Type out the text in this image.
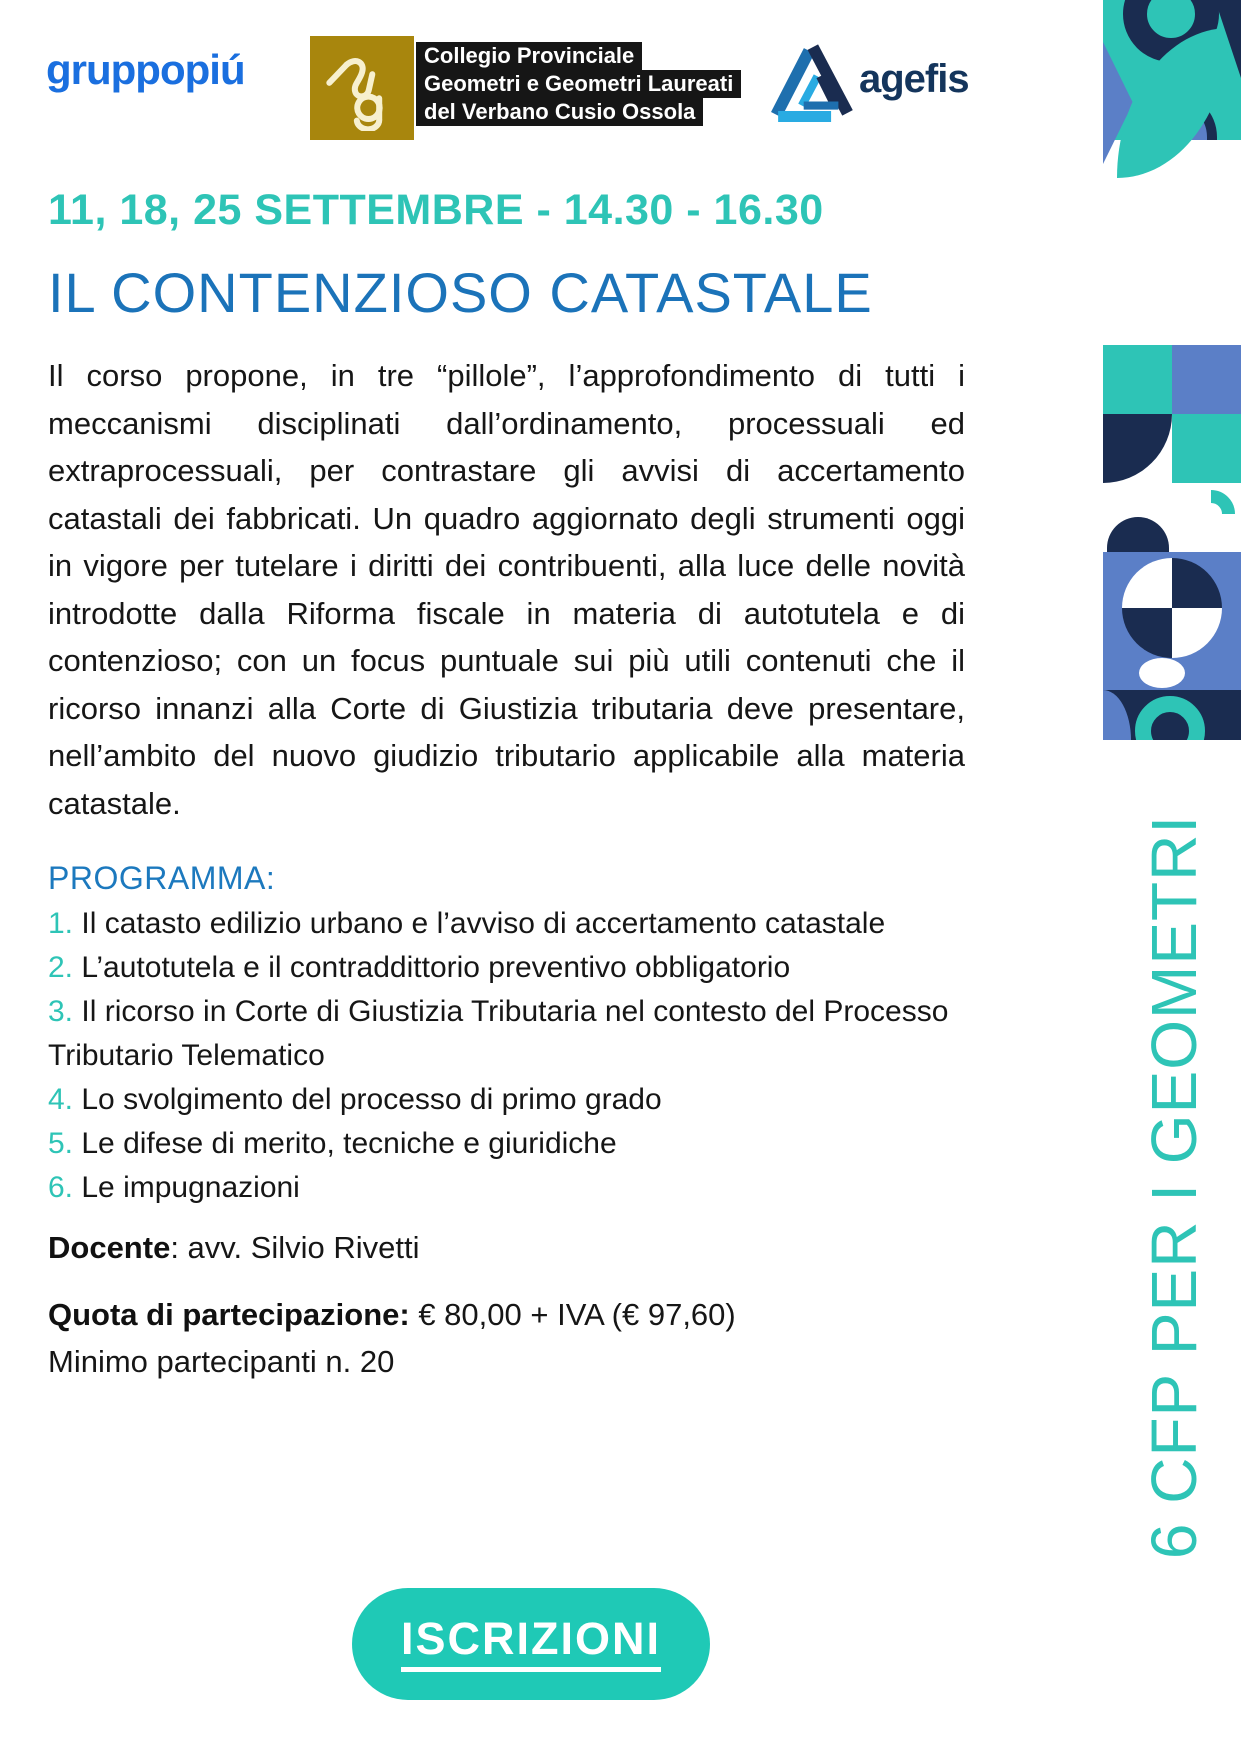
gruppopiú	Collegio Provinciale
Geometri e Geometri Laureati
del Verbano Cusio Ossola
agefis
11, 18, 25 SETTEMBRE - 14.30 - 16.30
IL CONTENZIOSO CATASTALE
Il corso propone, in tre “pillole”, l’approfondimento di tutti i meccanismi disciplinati dall’ordinamento, processuali ed extraprocessuali, per contrastare gli avvisi di accertamento catastali dei fabbricati. Un quadro aggiornato degli strumenti oggi in vigore per tutelare i diritti dei contribuenti, alla luce delle novità introdotte dalla Riforma fiscale in materia di autotutela e di contenzioso; con un focus puntuale sui più utili contenuti che il ricorso innanzi alla Corte di Giustizia tributaria deve presentare, nell’ambito del nuovo giudizio tributario applicabile alla materia catastale.
PROGRAMMA:
1. Il catasto edilizio urbano e l’avviso di accertamento catastale
2. L’autotutela e il contraddittorio preventivo obbligatorio
3. Il ricorso in Corte di Giustizia Tributaria nel contesto del Processo Tributario Telematico
4. Lo svolgimento del processo di primo grado
5. Le difese di merito, tecniche e giuridiche
6. Le impugnazioni
Docente: avv. Silvio Rivetti
Quota di partecipazione: € 80,00 + IVA (€ 97,60)
Minimo partecipanti n. 20
ISCRIZIONI
6 CFP PER I GEOMETRI
